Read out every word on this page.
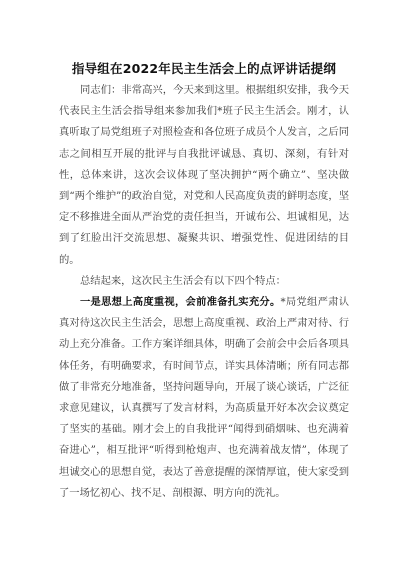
指导组在2022年民主生活会上的点评讲话提纲

同志们：非常高兴，今天来到这里。根据组织安排，我今天代表民主生活会指导组来参加我们*班子民主生活会。刚才，认真听取了局党组班子对照检查和各位班子成员个人发言，之后同志之间相互开展的批评与自我批评诚恳、真切、深刻，有针对性，总体来讲，这次会议体现了坚决拥护“两个确立”、坚决做到“两个维护”的政治自觉，对党和人民高度负责的鲜明态度，坚定不移推进全面从严治党的责任担当，开诚布公、坦诚相见，达到了红脸出汗交流思想、凝聚共识、增强党性、促进团结的目的。

总结起来，这次民主生活会有以下四个特点：

一是思想上高度重视，会前准备扎实充分。*局党组严肃认真对待这次民主生活会，思想上高度重视、政治上严肃对待、行动上充分准备。工作方案详细具体，明确了会前会中会后各项具体任务，有明确要求，有时间节点，详实具体清晰；所有同志都做了非常充分地准备，坚持问题导向，开展了谈心谈话，广泛征求意见建议，认真撰写了发言材料，为高质量开好本次会议奠定了坚实的基础。刚才会上的自我批评“闻得到硝烟味、也充满着奋进心”，相互批评“听得到枪炮声、也充满着战友情”，体现了坦诚交心的思想自觉，表达了善意提醒的深情厚谊，使大家受到了一场忆初心、找不足、剖根源、明方向的洗礼。
